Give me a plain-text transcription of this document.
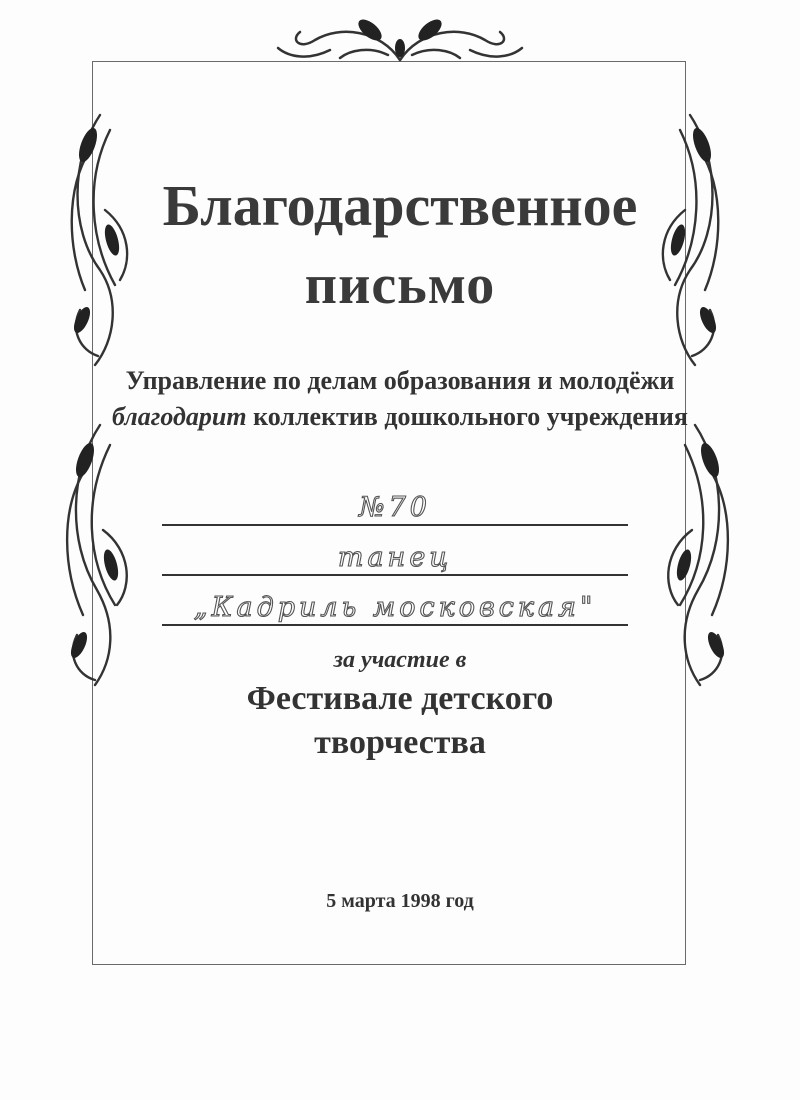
Благодарственное
письмо
Управление по делам образования и молодёжи благодарит коллектив дошкольного учреждения
№70
танец
„Кадриль московская"
за участие в
Фестивале детского
творчества
5 марта 1998 год
